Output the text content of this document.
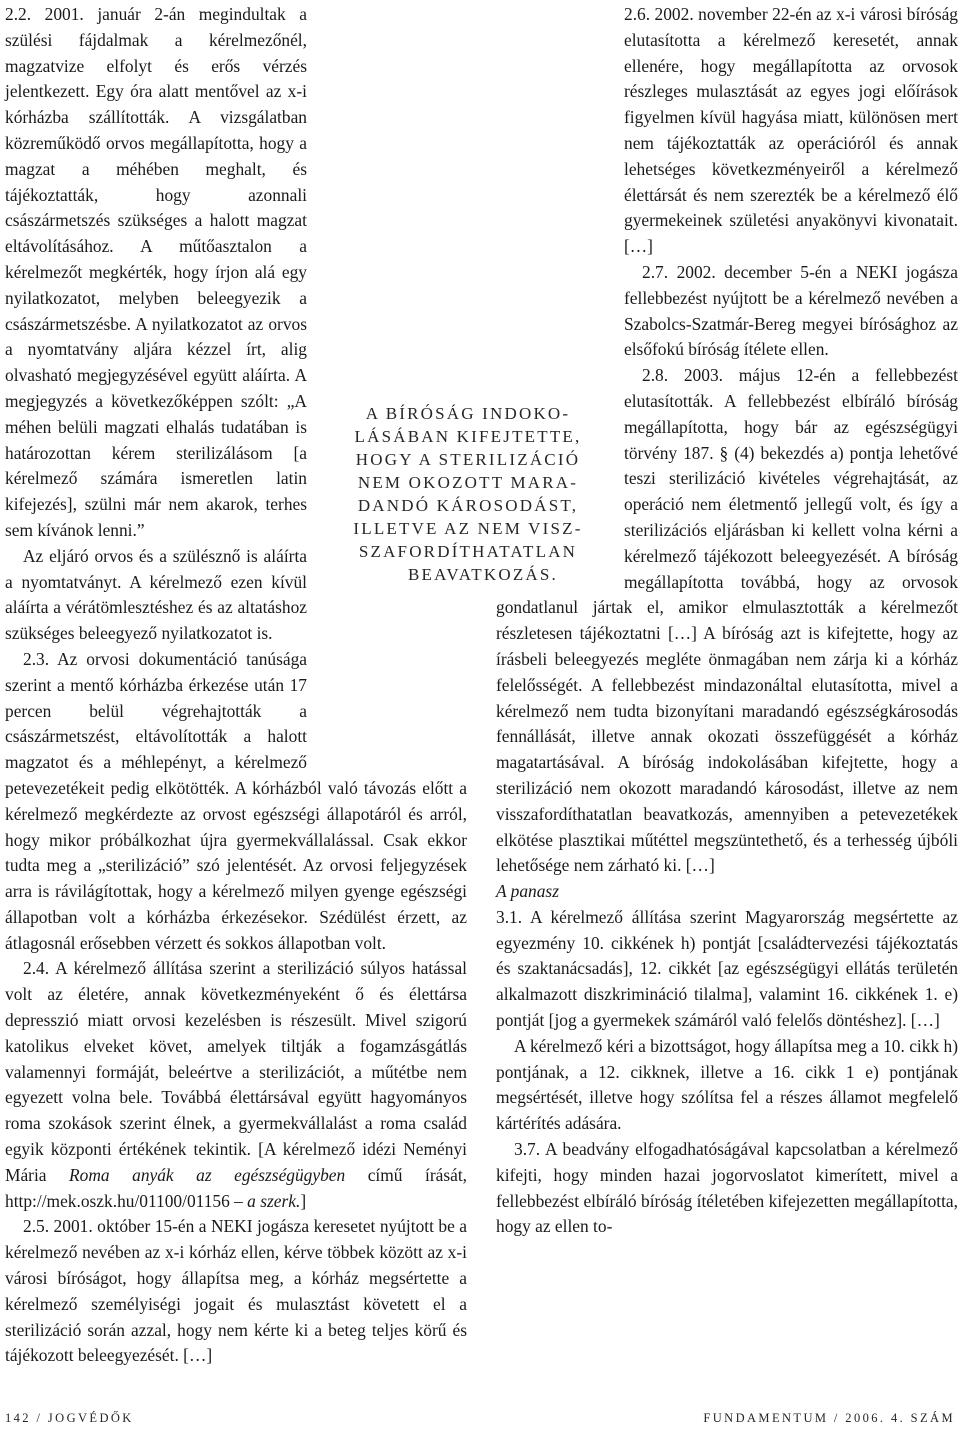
2.2. 2001. január 2-án megindultak a szülési fájdalmak a kérelmezőnél, magzatvize elfolyt és erős vérzés jelentkezett. Egy óra alatt mentővel az x-i kórházba szállították. A vizsgálatban közreműködő orvos megállapította, hogy a magzat a méhében meghalt, és tájékoztatták, hogy azonnali császármetszés szükséges a halott magzat eltávolításához. A műtőasztalon a kérelmezőt megkérték, hogy írjon alá egy nyilatkozatot, melyben beleegyezik a császármetszésbe. A nyilatkozatot az orvos a nyomtatvány aljára kézzel írt, alig olvasható megjegyzésével együtt aláírta. A megjegyzés a következőképpen szólt: „A méhen belüli magzati elhalás tudatában is határozottan kérem sterilizálásom [a kérelmező számára ismeretlen latin kifejezés], szülni már nem akarok, terhes sem kívánok lenni.”

Az eljáró orvos és a szülésznő is aláírta a nyomtatványt. A kérelmező ezen kívül aláírta a vérátömlesztéshez és az altatáshoz szükséges beleegyező nyilatkozatot is.

2.3. Az orvosi dokumentáció tanúsága szerint a mentő kórházba érkezése után 17 percen belül végrehajtották a császármetszést, eltávolították a halott magzatot és a méhlepényt, a kérelmező petevezetékeit pedig elkötötték. A kórházból való távozás előtt a kérelmező megkérdezte az orvost egészségi állapotáról és arról, hogy mikor próbálkozhat újra gyermekvállalással. Csak ekkor tudta meg a „sterilizáció” szó jelentését. Az orvosi feljegyzések arra is rávilágítottak, hogy a kérelmező milyen gyenge egészségi állapotban volt a kórházba érkezésekor. Szédülést érzett, az átlagosnál erősebben vérzett és sokkos állapotban volt.

2.4. A kérelmező állítása szerint a sterilizáció súlyos hatással volt az életére, annak következményeként ő és élettársa depresszió miatt orvosi kezelésben is részesült. Mivel szigorú katolikus elveket követ, amelyek tiltják a fogamzásgátlás valamennyi formáját, beleértve a sterilizációt, a műtétbe nem egyezett volna bele. Továbbá élettársával együtt hagyományos roma szokások szerint élnek, a gyermekvállalást a roma család egyik központi értékének tekintik. [A kérelmező idézi Neményi Mária Roma anyák az egészségügyben című írását, http://mek.oszk.hu/01100/01156 – a szerk.]

2.5. 2001. október 15-én a NEKI jogásza keresetet nyújtott be a kérelmező nevében az x-i kórház ellen, kérve többek között az x-i városi bíróságot, hogy állapítsa meg, a kórház megsértette a kérelmező személyiségi jogait és mulasztást követett el a sterilizáció során azzal, hogy nem kérte ki a beteg teljes körű és tájékozott beleegyezését. […]

2.6. 2002. november 22-én az x-i városi bíróság elutasította a kérelmező keresetét, annak ellenére, hogy megállapította az orvosok részleges mulasztását az egyes jogi előírások figyelmen kívül hagyása miatt, különösen mert nem tájékoztatták az operációról és annak lehetséges következményeiről a kérelmező élettársát és nem szerezték be a kérelmező élő gyermekeinek születési anyakönyvi kivonatait. […]

2.7. 2002. december 5-én a NEKI jogásza fellebbezést nyújtott be a kérelmező nevében a Szabolcs-Szatmár-Bereg megyei bírósághoz az elsőfokú bíróság ítélete ellen.

2.8. 2003. május 12-én a fellebbezést elutasították. A fellebbezést elbíráló bíróság megállapította, hogy bár az egészségügyi törvény 187. § (4) bekezdés a) pontja lehetővé teszi sterilizáció kivételes végrehajtását, az operáció nem életmentő jellegű volt, és így a sterilizációs eljárásban ki kellett volna kérni a kérelmező tájékozott beleegyezését. A bíróság megállapította továbbá, hogy az orvosok gondatlanul jártak el, amikor elmulasztották a kérelmezőt részletesen tájékoztatni […] A bíróság azt is kifejtette, hogy az írásbeli beleegyezés megléte önmagában nem zárja ki a kórház felelősségét. A fellebbezést mindazonáltal elutasította, mivel a kérelmező nem tudta bizonyítani maradandó egészségkárosodás fennállását, illetve annak okozati összefüggését a kórház magatartásával. A bíróság indokolásában kifejtette, hogy a sterilizáció nem okozott maradandó károsodást, illetve az nem visszafordíthatatlan beavatkozás, amennyiben a petevezetékek elkötése plasztikai műtéttel megszüntethető, és a terhesség újbóli lehetősége nem zárható ki. […]

A panasz

3.1. A kérelmező állítása szerint Magyarország megsértette az egyezmény 10. cikkének h) pontját [családtervezési tájékoztatás és szaktanácsadás], 12. cikkét [az egészségügyi ellátás területén alkalmazott diszkrimináció tilalma], valamint 16. cikkének 1. e) pontját [jog a gyermekek számáról való felelős döntéshez]. […]

A kérelmező kéri a bizottságot, hogy állapítsa meg a 10. cikk h) pontjának, a 12. cikknek, illetve a 16. cikk 1 e) pontjának megsértését, illetve hogy szólítsa fel a részes államot megfelelő kártérítés adására.

3.7. A beadvány elfogadhatóságával kapcsolatban a kérelmező kifejti, hogy minden hazai jogorvoslatot kimerített, mivel a fellebbezést elbíráló bíróság ítéletében kifejezetten megállapította, hogy az ellen to-

A BÍRÓSÁG INDOKO-
LÁSÁBAN KIFEJTETTE,
HOGY A STERILIZÁCIÓ
NEM OKOZOTT MARA-
DANDÓ KÁROSODÁST,
ILLETVE AZ NEM VISZ-
SZAFORDÍTHATATLAN
BEAVATKOZÁS.
142 / JOGVÉDŐK	FUNDAMENTUM / 2006. 4. SZÁM
